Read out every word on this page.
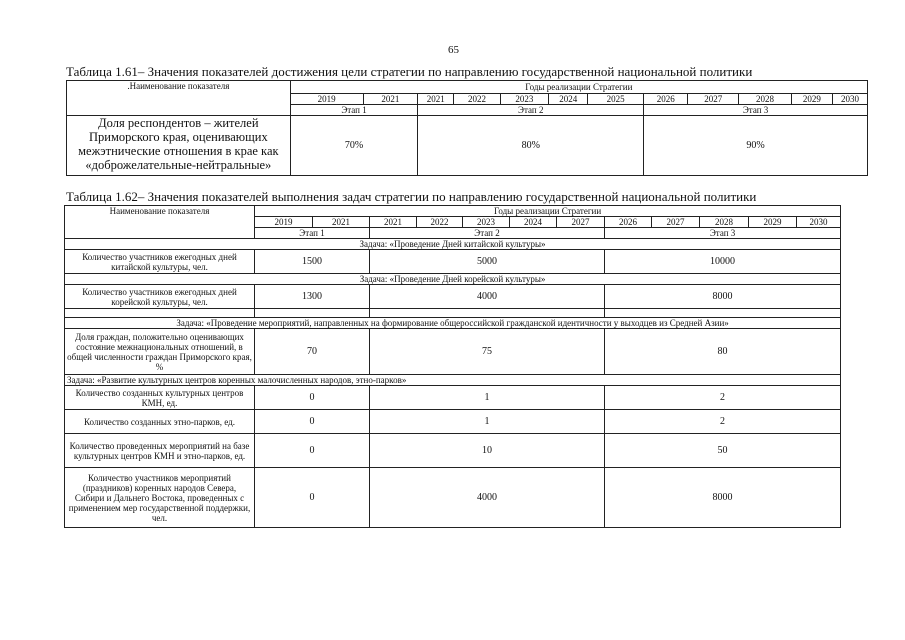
65
Таблица 1.61– Значения показателей достижения цели стратегии по направлению государственной национальной политики
.Наименование показателя	Годы реализации Стратегии											
	2019	2021	2021	2022	2023	2024	2025	2026	2027	2028	2029	2030
	Этап 1		Этап 2					Этап 3				
Доля респондентов – жителей Приморского края, оценивающих межэтнические отношения в крае как «доброжелательные-нейтральные»	70%		80%					90%				
Таблица 1.62– Значения показателей выполнения задач стратегии по направлению государственной национальной политики
Наименование показателя	Годы реализации Стратегии											
	2019	2021	2021	2022	2023	2024	2027	2026	2027	2028	2029	2030
	Этап 1		Этап 2					Этап 3				
Задача: «Проведение Дней китайской культуры»												
Количество участников ежегодных дней китайской культуры, чел.	1500		5000					10000				
Задача: «Проведение Дней корейской культуры»												
Количество участников ежегодных дней корейской культуры, чел.	1300		4000					8000				

Задача: «Проведение мероприятий, направленных на формирование общероссийской гражданской идентичности у выходцев из Средней Азии»												
Доля граждан, положительно оценивающих состояние межнациональных отношений, в общей численности граждан Приморского края, %	70		75					80				
Задача: «Развитие культурных центров коренных малочисленных народов, этно-парков»												
Количество созданных культурных центров КМН, ед.	0		1					2				
Количество созданных этно-парков, ед.	0		1					2				
Количество проведенных мероприятий на базе культурных центров КМН и этно-парков, ед.	0		10					50				
Количество участников мероприятий (праздников) коренных народов Севера, Сибири и Дальнего Востока, проведенных с применением мер государственной поддержки, чел.	0		4000					8000				
